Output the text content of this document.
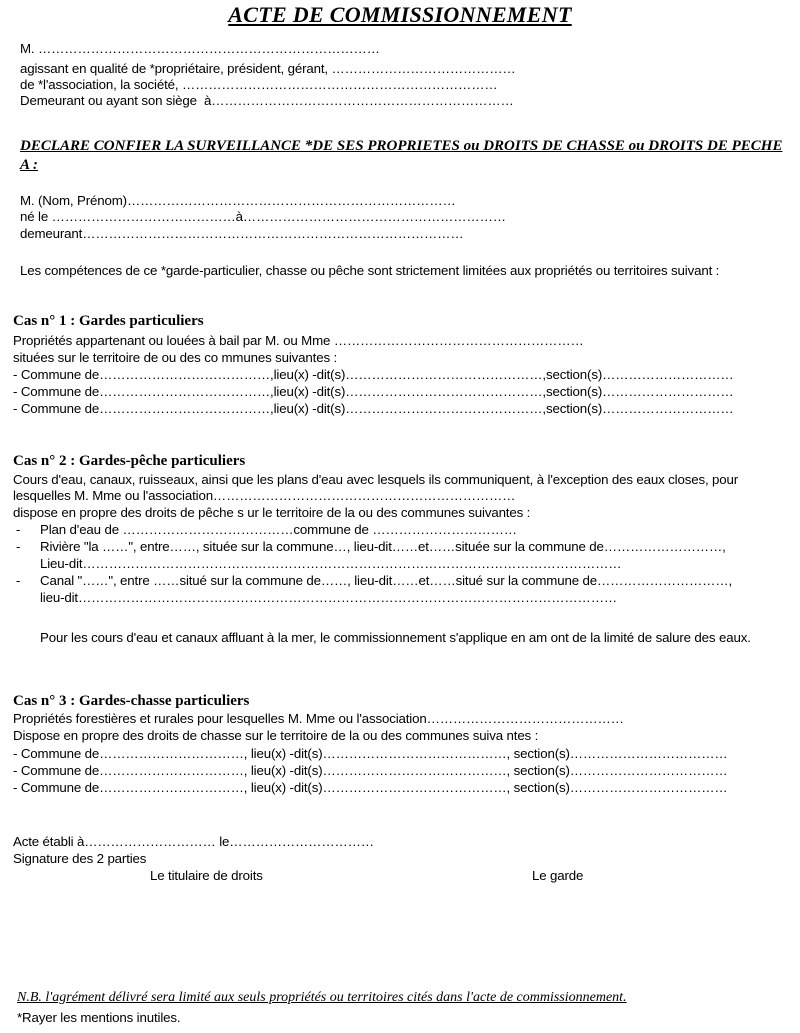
ACTE DE COMMISSIONNEMENT
M. ……………………………………………………………………
agissant en qualité de *propriétaire, président, gérant, ……………………………………
de *l'association, la société, ………………………………………………………………
Demeurant ou ayant son siège  à……………………………………………………………
DECLARE CONFIER LA SURVEILLANCE *DE SES PROPRIETES ou DROITS DE CHASSE ou DROITS DE PECHE A :
M. (Nom, Prénom)…………………………………………………………………
né le ……………………………………à……………………………………………………
demeurant……………………………………………………………………………
Les compétences de ce *garde-particulier, chasse ou pêche sont strictement limitées aux propriétés ou territoires suivant :
Cas n° 1 : Gardes particuliers
Propriétés appartenant ou louées à bail par M. ou Mme …………………………………………………
situées sur le territoire de ou des co mmunes suivantes :
- Commune de…………………………………,lieu(x) -dit(s)………………………………………,section(s)…………………………
- Commune de…………………………………,lieu(x) -dit(s)………………………………………,section(s)…………………………
- Commune de…………………………………,lieu(x) -dit(s)………………………………………,section(s)…………………………
Cas n° 2 : Gardes-pêche particuliers
Cours d'eau, canaux, ruisseaux, ainsi que les plans d'eau avec lesquels ils communiquent, à l'exception des eaux closes, pour lesquelles M. Mme ou l'association……………………………………………………………
dispose en propre des droits de pêche s ur le territoire de la ou des communes suivantes :
- Plan d'eau de …………………………………commune de ……………………………
- Rivière "la ……", entre……, située sur la commune…, lieu-dit……et……située sur la commune de………………………,
Lieu-dit……………………………………………………………………………………………………………
- Canal "……", entre ……situé sur la commune de……, lieu-dit……et……situé sur la commune de…………………………,
lieu-dit……………………………………………………………………………………………………………
Pour les cours d'eau et canaux affluant à la mer, le commissionnement s'applique en am ont de la limité de salure des eaux.
Cas n° 3 : Gardes-chasse particuliers
Propriétés forestières et rurales pour lesquelles M. Mme ou l'association………………………………………
Dispose en propre des droits de chasse sur le territoire de la ou des communes suiva ntes :
- Commune de……………………………, lieu(x) -dit(s)……………………………………, section(s)………………………………
- Commune de……………………………, lieu(x) -dit(s)……………………………………, section(s)………………………………
- Commune de……………………………, lieu(x) -dit(s)……………………………………, section(s)………………………………
Acte établi à………………………… le……………………………
Signature des 2 parties
Le titulaire de droits	Le garde
N.B. l'agrément délivré sera limité aux seuls propriétés ou territoires cités dans l'acte de commissionnement.
*Rayer les mentions inutiles.
